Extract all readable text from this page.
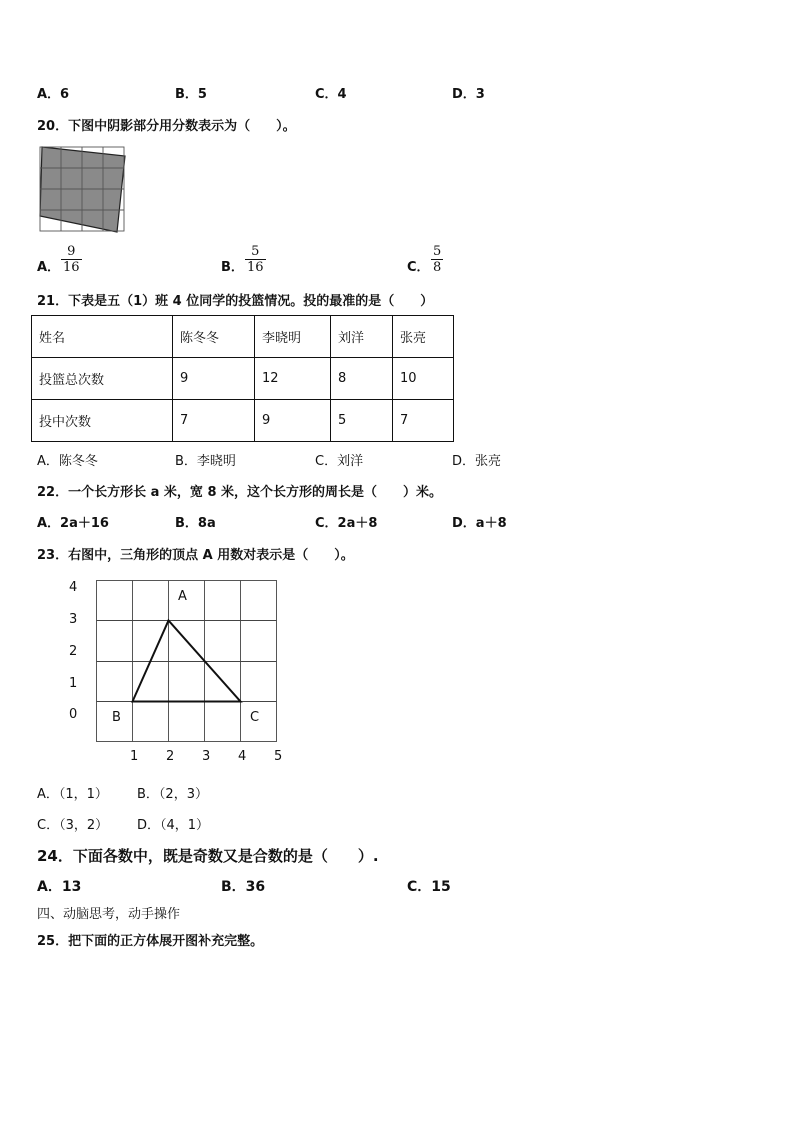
A．6	B．5	C．4	D．3
20．下图中阴影部分用分数表示为（　　）。
A． $\frac{9}{16}$	B． $\frac{5}{16}$	C． $\frac{5}{8}$
21．下表是五（1）班 4 位同学的投篮情况。投的最准的是（　　）
姓名	陈冬冬	李晓明	刘洋	张亮
投篮总次数	9	12	8	10
投中次数	7	9	5	7
A．陈冬冬	B．李晓明	C．刘洋	D．张亮
22．一个长方形长 a 米，宽 8 米，这个长方形的周长是（　　）米。
A．2a＋16	B．8a	C．2a＋8	D．a＋8
23．右图中，三角形的顶点 A 用数对表示是（　　）。
4
3
2
1
0
1 2 3 4 5
A
B	C
A．（1，1） B．（2，3）
C．（3，2） D．（4，1）
24．下面各数中，既是奇数又是合数的是（　　）.
A．13	B．36	C．15
四、动脑思考，动手操作
25．把下面的正方体展开图补充完整。
